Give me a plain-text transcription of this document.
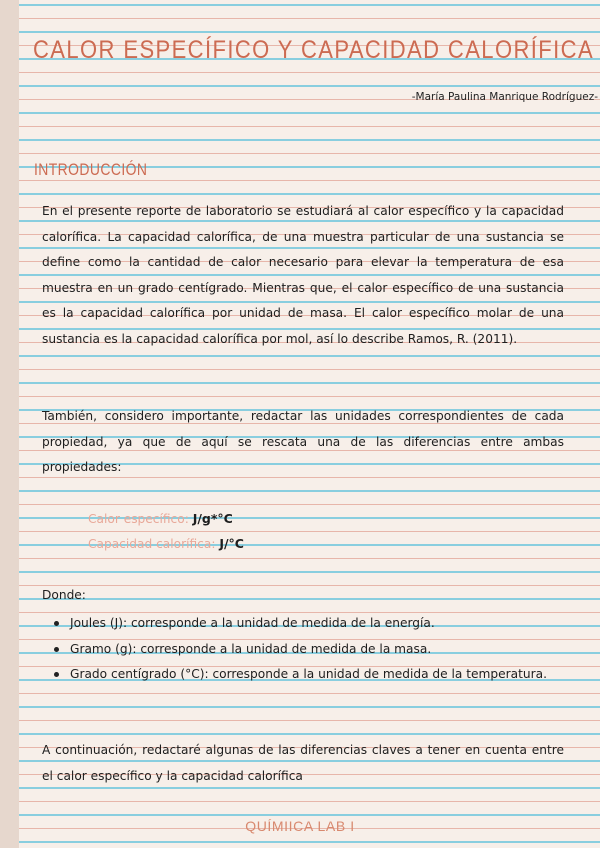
CALOR ESPECÍFICO Y CAPACIDAD CALORÍFICA
-María Paulina Manrique Rodríguez-
INTRODUCCIÓN

En el presente reporte de laboratorio se estudiará al calor específico y la capacidad calorífica. La capacidad calorífica, de una muestra particular de una sustancia se define como la cantidad de calor necesario para elevar la temperatura de esa muestra en un grado centígrado. Mientras que, el calor específico de una sustancia es la capacidad calorífica por unidad de masa. El calor específico molar de una sustancia es la capacidad calorífica por mol, así lo describe Ramos, R. (2011).

También, considero importante, redactar las unidades correspondientes de cada propiedad, ya que de aquí se rescata una de las diferencias entre ambas propiedades:

Calor específico: J/g*°C
Capacidad calorífica: J/°C
Donde:
Joules (J): corresponde a la unidad de medida de la energía.
Gramo (g): corresponde a la unidad de medida de la masa.
Grado centígrado (°C): corresponde a la unidad de medida de la temperatura.

A continuación, redactaré algunas de las diferencias claves a tener en cuenta entre el calor específico y la capacidad calorífica

QUÍMIICA LAB I
